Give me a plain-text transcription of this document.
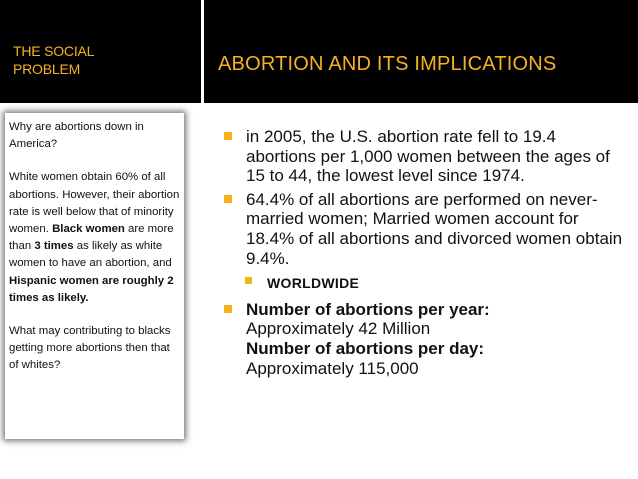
THE SOCIAL
PROBLEM	ABORTION AND ITS IMPLICATIONS

Why are abortions down in America?

White women obtain 60% of all abortions. However, their abortion rate is well below that of minority women. Black women are more than 3 times as likely as white women to have an abortion, and Hispanic women are roughly 2 times as likely.

What may contributing to blacks getting more abortions then that of whites?

in 2005, the U.S. abortion rate fell to 19.4 abortions per 1,000 women between the ages of 15 to 44, the lowest level since 1974.
64.4% of all abortions are performed on never-married women; Married women account for 18.4% of all abortions and divorced women obtain 9.4%.
WORLDWIDE
Number of abortions per year:
Approximately 42 Million
Number of abortions per day:
Approximately 115,000
